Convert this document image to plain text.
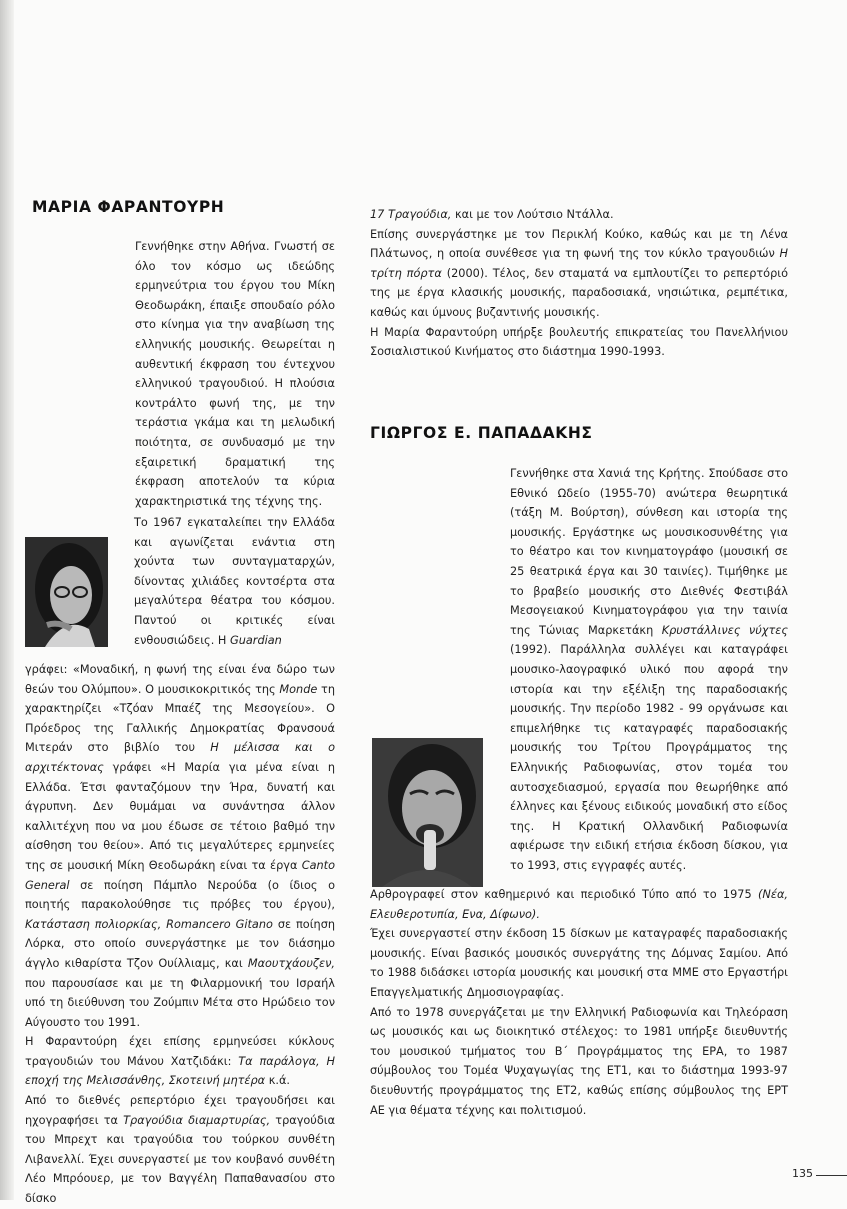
ΜΑΡΙΑ ΦΑΡΑΝΤΟΥΡΗ

Γεννήθηκε στην Αθήνα. Γνωστή σε όλο τον κόσμο ως ιδεώδης ερμηνεύτρια του έργου του Μίκη Θεοδωράκη, έπαιξε σπουδαίο ρόλο στο κίνημα για την αναβίωση της ελληνικής μουσικής. Θεωρείται η αυθεντική έκφραση του έντεχνου ελληνικού τραγουδιού. Η πλούσια κοντράλτο φωνή της, με την τεράστια γκάμα και τη μελωδική ποιότητα, σε συνδυασμό με την εξαιρετική δραματική της έκφραση αποτελούν τα κύρια χαρακτηριστικά της τέχνης της.

Το 1967 εγκαταλείπει την Ελλάδα και αγωνίζεται ενάντια στη χούντα των συνταγματαρχών, δίνοντας χιλιάδες κοντσέρτα στα μεγαλύτερα θέατρα του κόσμου. Παντού οι κριτικές είναι ενθουσιώδεις. Η Guardian

γράφει: «Μοναδική, η φωνή της είναι ένα δώρο των θεών του Ολύμπου». Ο μουσικοκριτικός της Monde τη χαρακτηρίζει «Τζόαν Μπαέζ της Μεσογείου». Ο Πρόεδρος της Γαλλικής Δημοκρατίας Φρανσουά Μιτεράν στο βιβλίο του Η μέλισσα και ο αρχιτέκτονας γράφει «Η Μαρία για μένα είναι η Ελλάδα. Έτσι φανταζόμουν την Ήρα, δυνατή και άγρυπνη. Δεν θυμάμαι να συνάντησα άλλον καλλιτέχνη που να μου έδωσε σε τέτοιο βαθμό την αίσθηση του θείου». Από τις μεγαλύτερες ερμηνείες της σε μουσική Μίκη Θεοδωράκη είναι τα έργα Canto General σε ποίηση Πάμπλο Νερούδα (ο ίδιος ο ποιητής παρακολούθησε τις πρόβες του έργου), Κατάσταση πολιορκίας, Romancero Gitano σε ποίηση Λόρκα, στο οποίο συνεργάστηκε με τον διάσημο άγγλο κιθαρίστα Τζον Ουίλλιαμς, και Μαουτχάουζεν, που παρουσίασε και με τη Φιλαρμονική του Ισραήλ υπό τη διεύθυνση του Ζούμπιν Μέτα στο Ηρώδειο τον Αύγουστο του 1991.

Η Φαραντούρη έχει επίσης ερμηνεύσει κύκλους τραγουδιών του Μάνου Χατζιδάκι: Τα παράλογα, Η εποχή της Μελισσάνθης, Σκοτεινή μητέρα κ.ά.

Από το διεθνές ρεπερτόριο έχει τραγουδήσει και ηχογραφήσει τα Τραγούδια διαμαρτυρίας, τραγούδια του Μπρεχτ και τραγούδια του τούρκου συνθέτη Λιβανελλί. Έχει συνεργαστεί με τον κουβανό συνθέτη Λέο Μπρόουερ, με τον Βαγγέλη Παπαθανασίου στο δίσκο

17 Τραγούδια, και με τον Λούτσιο Ντάλλα.

Επίσης συνεργάστηκε με τον Περικλή Κούκο, καθώς και με τη Λένα Πλάτωνος, η οποία συνέθεσε για τη φωνή της τον κύκλο τραγουδιών Η τρίτη πόρτα (2000). Τέλος, δεν σταματά να εμπλουτίζει το ρεπερτόριό της με έργα κλασικής μουσικής, παραδοσιακά, νησιώτικα, ρεμπέτικα, καθώς και ύμνους βυζαντινής μουσικής.

Η Μαρία Φαραντούρη υπήρξε βουλευτής επικρατείας του Πανελλήνιου Σοσιαλιστικού Κινήματος στο διάστημα 1990-1993.

ΓΙΩΡΓΟΣ Ε. ΠΑΠΑΔΑΚΗΣ

Γεννήθηκε στα Χανιά της Κρήτης. Σπούδασε στο Εθνικό Ωδείο (1955-70) ανώτερα θεωρητικά (τάξη Μ. Βούρτση), σύνθεση και ιστορία της μουσικής. Εργάστηκε ως μουσικοσυνθέτης για το θέατρο και τον κινηματογράφο (μουσική σε 25 θεατρικά έργα και 30 ταινίες). Τιμήθηκε με το βραβείο μουσικής στο Διεθνές Φεστιβάλ Μεσογειακού Κινηματογράφου για την ταινία της Τώνιας Μαρκετάκη Κρυστάλλινες νύχτες (1992). Παράλληλα συλλέγει και καταγράφει μουσικο-λαογραφικό υλικό που αφορά την ιστορία και την εξέλιξη της παραδοσιακής μουσικής. Την περίοδο 1982 - 99 οργάνωσε και επιμελήθηκε τις καταγραφές παραδοσιακής μουσικής του Τρίτου Προγράμματος της Ελληνικής Ραδιοφωνίας, στον τομέα του αυτοσχεδιασμού, εργασία που θεωρήθηκε από έλληνες και ξένους ειδικούς μοναδική στο είδος της. Η Κρατική Ολλανδική Ραδιοφωνία αφιέρωσε την ειδική ετήσια έκδοση δίσκου, για το 1993, στις εγγραφές αυτές.

Αρθρογραφεί στον καθημερινό και περιοδικό Τύπο από το 1975 (Νέα, Ελευθεροτυπία, Ενα, Δίφωνο).

Έχει συνεργαστεί στην έκδοση 15 δίσκων με καταγραφές παραδοσιακής μουσικής. Είναι βασικός μουσικός συνεργάτης της Δόμνας Σαμίου. Από το 1988 διδάσκει ιστορία μουσικής και μουσική στα ΜΜΕ στο Εργαστήρι Επαγγελματικής Δημοσιογραφίας.

Από το 1978 συνεργάζεται με την Ελληνική Ραδιοφωνία και Τηλεόραση ως μουσικός και ως διοικητικό στέλεχος: το 1981 υπήρξε διευθυντής του μουσικού τμήματος του Β΄ Προγράμματος της ΕΡΑ, το 1987 σύμβουλος του Τομέα Ψυχαγωγίας της ΕΤ1, και το διάστημα 1993-97 διευθυντής προγράμματος της ΕΤ2, καθώς επίσης σύμβουλος της ΕΡΤ ΑΕ για θέματα τέχνης και πολιτισμού.

135
